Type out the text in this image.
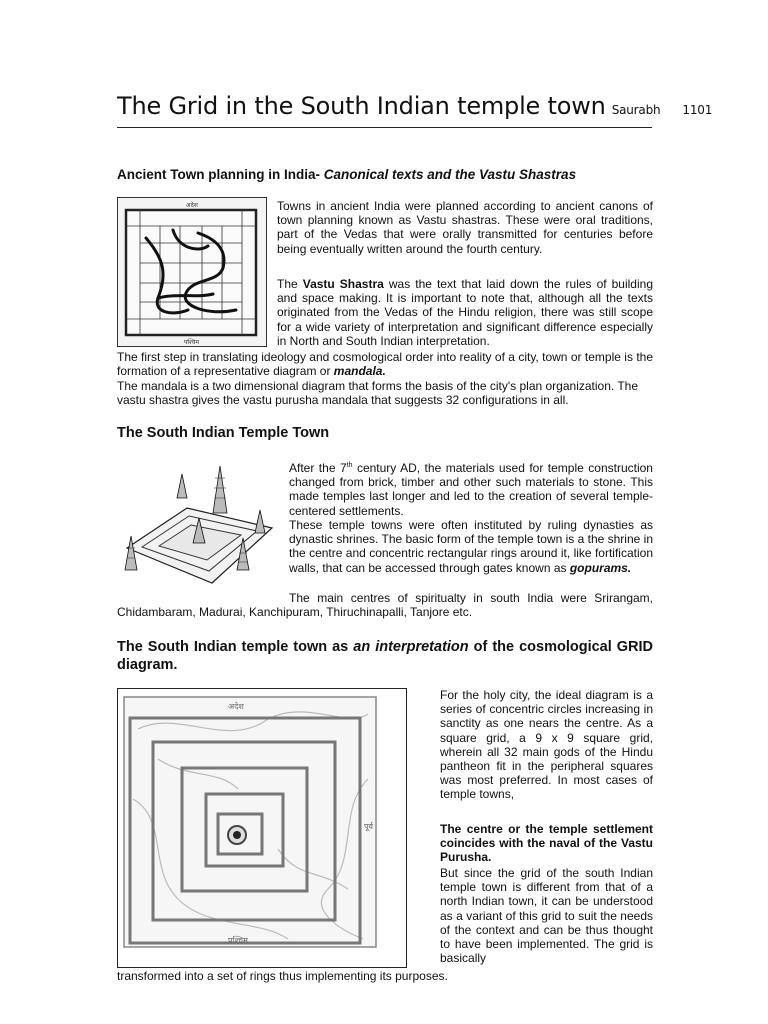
The Grid in the South Indian temple town Saurabh 1101
Ancient Town planning in India- Canonical texts and the Vastu Shastras
अदेश
पश्चिम

Towns in ancient India were planned according to ancient canons of town planning known as Vastu shastras. These were oral traditions, part of the Vedas that were orally transmitted for centuries before being eventually written around the fourth century.

The Vastu Shastra was the text that laid down the rules of building and space making. It is important to note that, although all the texts originated from the Vedas of the Hindu religion, there was still scope for a wide variety of interpretation and significant difference especially in North and South Indian interpretation.

The first step in translating ideology and cosmological order into reality of a city, town or temple is the formation of a representative diagram or mandala.

The mandala is a two dimensional diagram that forms the basis of the city's plan organization. The vastu shastra gives the vastu purusha mandala that suggests 32 configurations in all.

The South Indian Temple Town

After the 7th century AD, the materials used for temple construction changed from brick, timber and other such materials to stone. This made temples last longer and led to the creation of several temple-centered settlements.

These temple towns were often instituted by ruling dynasties as dynastic shrines. The basic form of the temple town is a the shrine in the centre and concentric rectangular rings around it, like fortification walls, that can be accessed through gates known as gopurams.

The main centres of spiritualty in south India were Srirangam, Chidambaram, Madurai, Kanchipuram, Thiruchinapalli, Tanjore etc.

The South Indian temple town as an interpretation of the cosmological GRID diagram.
अदेश
पश्चिम
पूर्व

For the holy city, the ideal diagram is a series of concentric circles increasing in sanctity as one nears the centre. As a square grid, a 9 x 9 square grid, wherein all 32 main gods of the Hindu pantheon fit in the peripheral squares was most preferred. In most cases of temple towns,

The centre or the temple settlement coincides with the naval of the Vastu Purusha.

But since the grid of the south Indian temple town is different from that of a north Indian town, it can be understood as a variant of this grid to suit the needs of the context and can be thus thought to have been implemented. The grid is basically

transformed into a set of rings thus implementing its purposes.
